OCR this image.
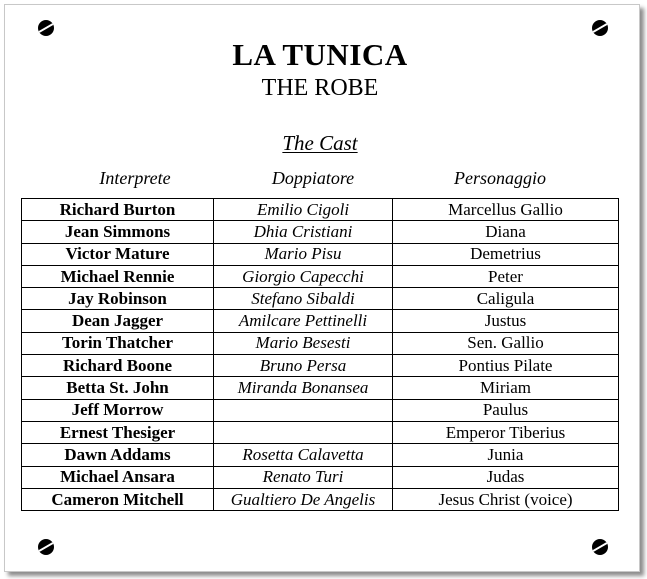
LA TUNICA
THE ROBE
The Cast
Interprete	Doppiatore	Personaggio
Richard Burton	Emilio Cigoli	Marcellus Gallio
Jean Simmons	Dhia Cristiani	Diana
Victor Mature	Mario Pisu	Demetrius
Michael Rennie	Giorgio Capecchi	Peter
Jay Robinson	Stefano Sibaldi	Caligula
Dean Jagger	Amilcare Pettinelli	Justus
Torin Thatcher	Mario Besesti	Sen. Gallio
Richard Boone	Bruno Persa	Pontius Pilate
Betta St. John	Miranda Bonansea	Miriam
Jeff Morrow		Paulus
Ernest Thesiger		Emperor Tiberius
Dawn Addams	Rosetta Calavetta	Junia
Michael Ansara	Renato Turi	Judas
Cameron Mitchell	Gualtiero De Angelis	Jesus Christ (voice)
